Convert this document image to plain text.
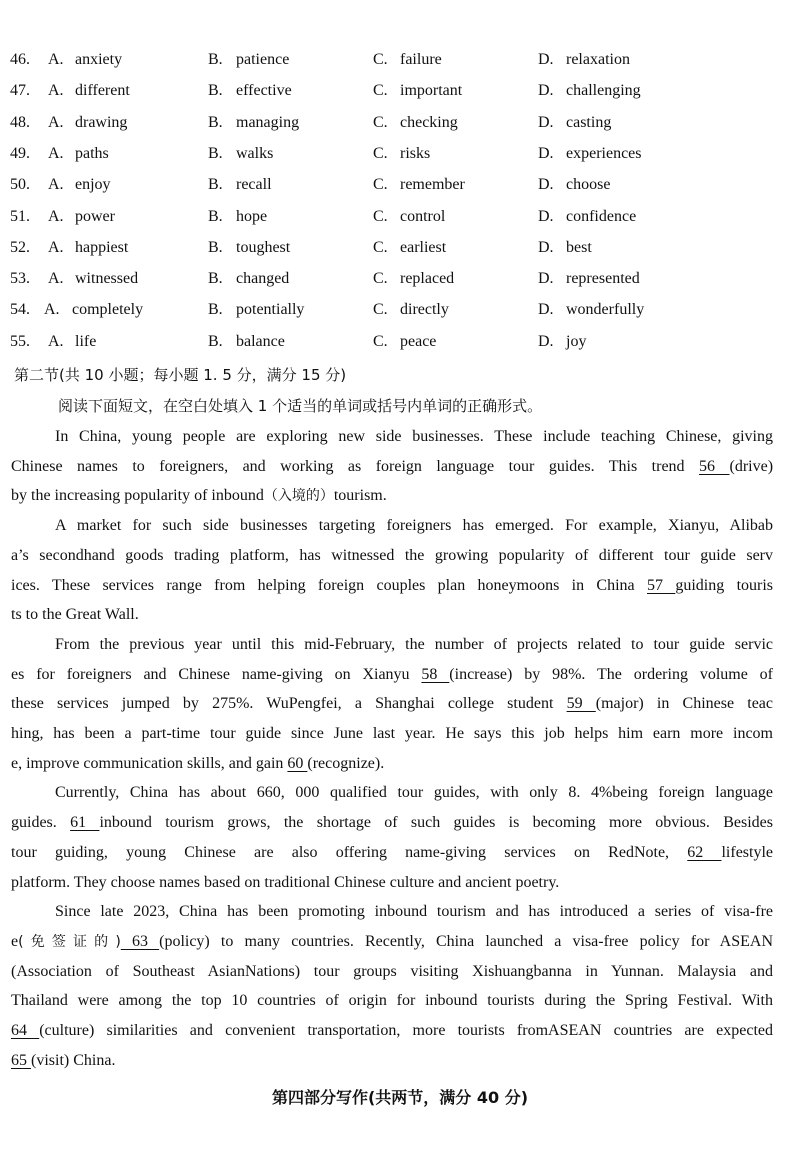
46. A. anxiety	B. patience	C. failure	D. relaxation
47. A. different	B. effective	C. important	D. challenging
48. A. drawing	B. managing	C. checking	D. casting
49. A. paths	B. walks	C. risks	D. experiences
50. A. enjoy	B. recall	C. remember	D. choose
51. A. power	B. hope	C. control	D. confidence
52. A. happiest	B. toughest	C. earliest	D. best
53. A. witnessed	B. changed	C. replaced	D. represented
54. A. completely	B. potentially	C. directly	D. wonderfully
55. A. life	B. balance	C. peace	D. joy
第二节(共 10 小题；每小题 1. 5 分，满分 15 分)
阅读下面短文，在空白处填入 1 个适当的单词或括号内单词的正确形式。
In China, young people are exploring new side businesses. These include teaching Chinese, giving
Chinese names to foreigners, and working as foreign language tour guides. This trend 56 (drive)
by the increasing popularity of inbound（入境的）tourism.
A market for such side businesses targeting foreigners has emerged. For example, Xianyu, Alibab
a’s secondhand goods trading platform, has witnessed the growing popularity of different tour guide serv
ices. These services range from helping foreign couples plan honeymoons in China 57 guiding touris
ts to the Great Wall.
From the previous year until this mid-February, the number of projects related to tour guide servic
es for foreigners and Chinese name-giving on Xianyu 58 (increase) by 98%. The ordering volume of
these services jumped by 275%. WuPengfei, a Shanghai college student 59 (major) in Chinese teac
hing, has been a part-time tour guide since June last year. He says this job helps him earn more incom
e, improve communication skills, and gain 60 (recognize).
Currently, China has about 660, 000 qualified tour guides, with only 8. 4%being foreign language
guides. 61 inbound tourism grows, the shortage of such guides is becoming more obvious. Besides
tour guiding, young Chinese are also offering name-giving services on RedNote, 62 lifestyle
platform. They choose names based on traditional Chinese culture and ancient poetry.
Since late 2023, China has been promoting inbound tourism and has introduced a series of visa-fre
e(免签证的) 63 (policy) to many countries. Recently, China launched a visa-free policy for ASEAN
(Association of Southeast AsianNations) tour groups visiting Xishuangbanna in Yunnan. Malaysia and
Thailand were among the top 10 countries of origin for inbound tourists during the Spring Festival. With
64 (culture) similarities and convenient transportation, more tourists fromASEAN countries are expected
65 (visit) China.
第四部分写作(共两节，满分 40 分)
